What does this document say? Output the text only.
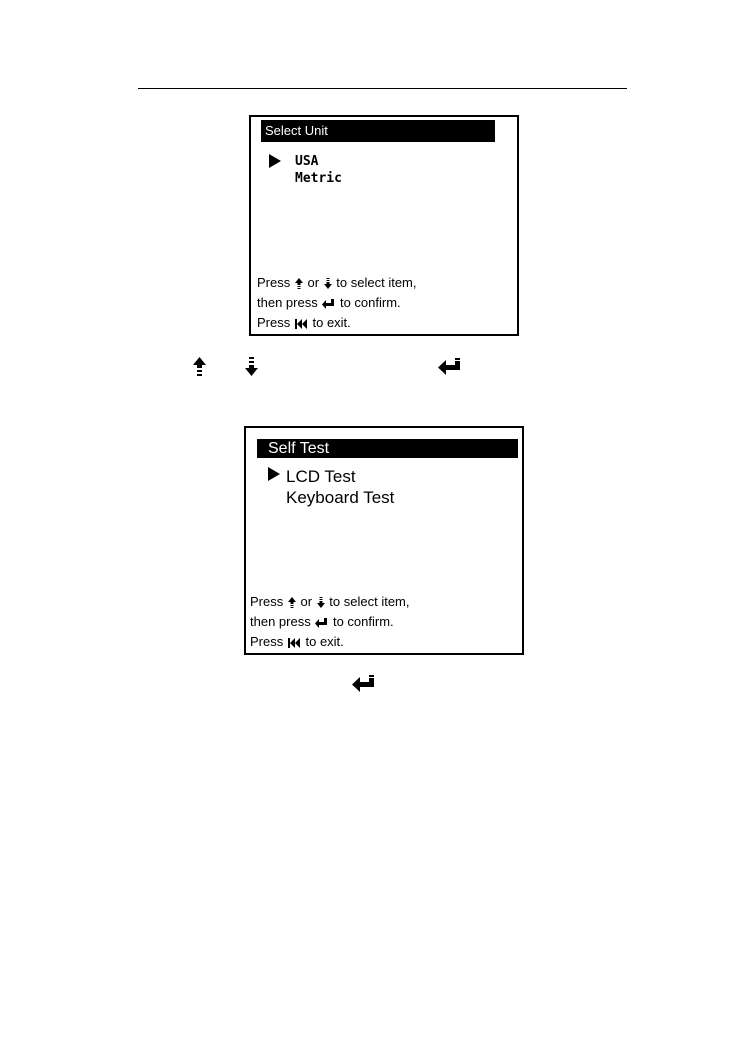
Select Unit
USA
Metric
Press or to select item,
then press to confirm.
Press to exit.
Self Test
LCD Test
Keyboard Test
Press or to select item,
then press to confirm.
Press to exit.
